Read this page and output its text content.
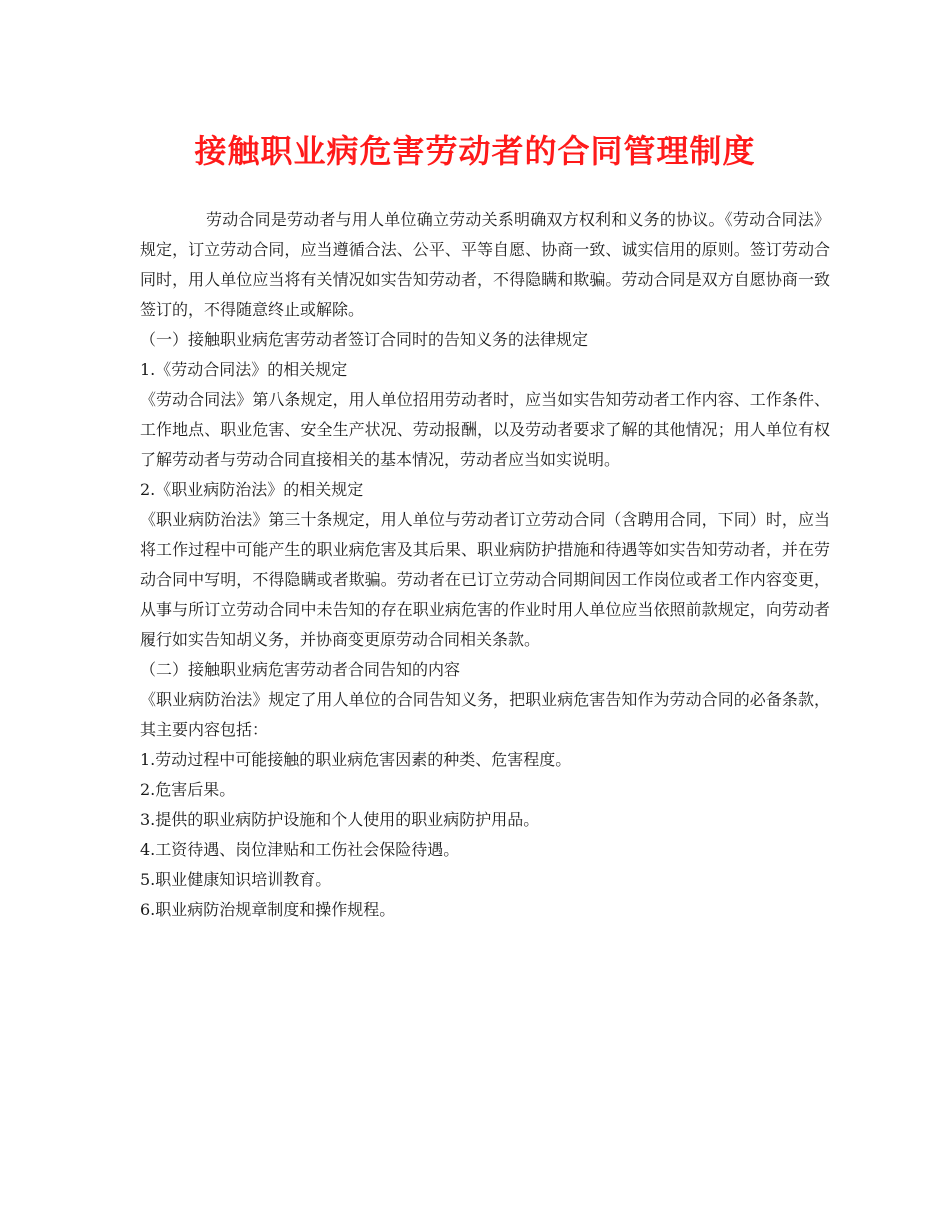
接触职业病危害劳动者的合同管理制度

劳动合同是劳动者与用人单位确立劳动关系明确双方权利和义务的协议。《劳动合同法》规定，订立劳动合同，应当遵循合法、公平、平等自愿、协商一致、诚实信用的原则。签订劳动合同时，用人单位应当将有关情况如实告知劳动者，不得隐瞒和欺骗。劳动合同是双方自愿协商一致签订的，不得随意终止或解除。

（一）接触职业病危害劳动者签订合同时的告知义务的法律规定

1.《劳动合同法》的相关规定

《劳动合同法》第八条规定，用人单位招用劳动者时，应当如实告知劳动者工作内容、工作条件、工作地点、职业危害、安全生产状况、劳动报酬，以及劳动者要求了解的其他情况；用人单位有权了解劳动者与劳动合同直接相关的基本情况，劳动者应当如实说明。

2.《职业病防治法》的相关规定

《职业病防治法》第三十条规定，用人单位与劳动者订立劳动合同（含聘用合同，下同）时，应当将工作过程中可能产生的职业病危害及其后果、职业病防护措施和待遇等如实告知劳动者，并在劳动合同中写明，不得隐瞒或者欺骗。劳动者在已订立劳动合同期间因工作岗位或者工作内容变更，从事与所订立劳动合同中未告知的存在职业病危害的作业时用人单位应当依照前款规定，向劳动者履行如实告知胡义务，并协商变更原劳动合同相关条款。

（二）接触职业病危害劳动者合同告知的内容

《职业病防治法》规定了用人单位的合同告知义务，把职业病危害告知作为劳动合同的必备条款，其主要内容包括：

1.劳动过程中可能接触的职业病危害因素的种类、危害程度。

2.危害后果。

3.提供的职业病防护设施和个人使用的职业病防护用品。

4.工资待遇、岗位津贴和工伤社会保险待遇。

5.职业健康知识培训教育。

6.职业病防治规章制度和操作规程。
